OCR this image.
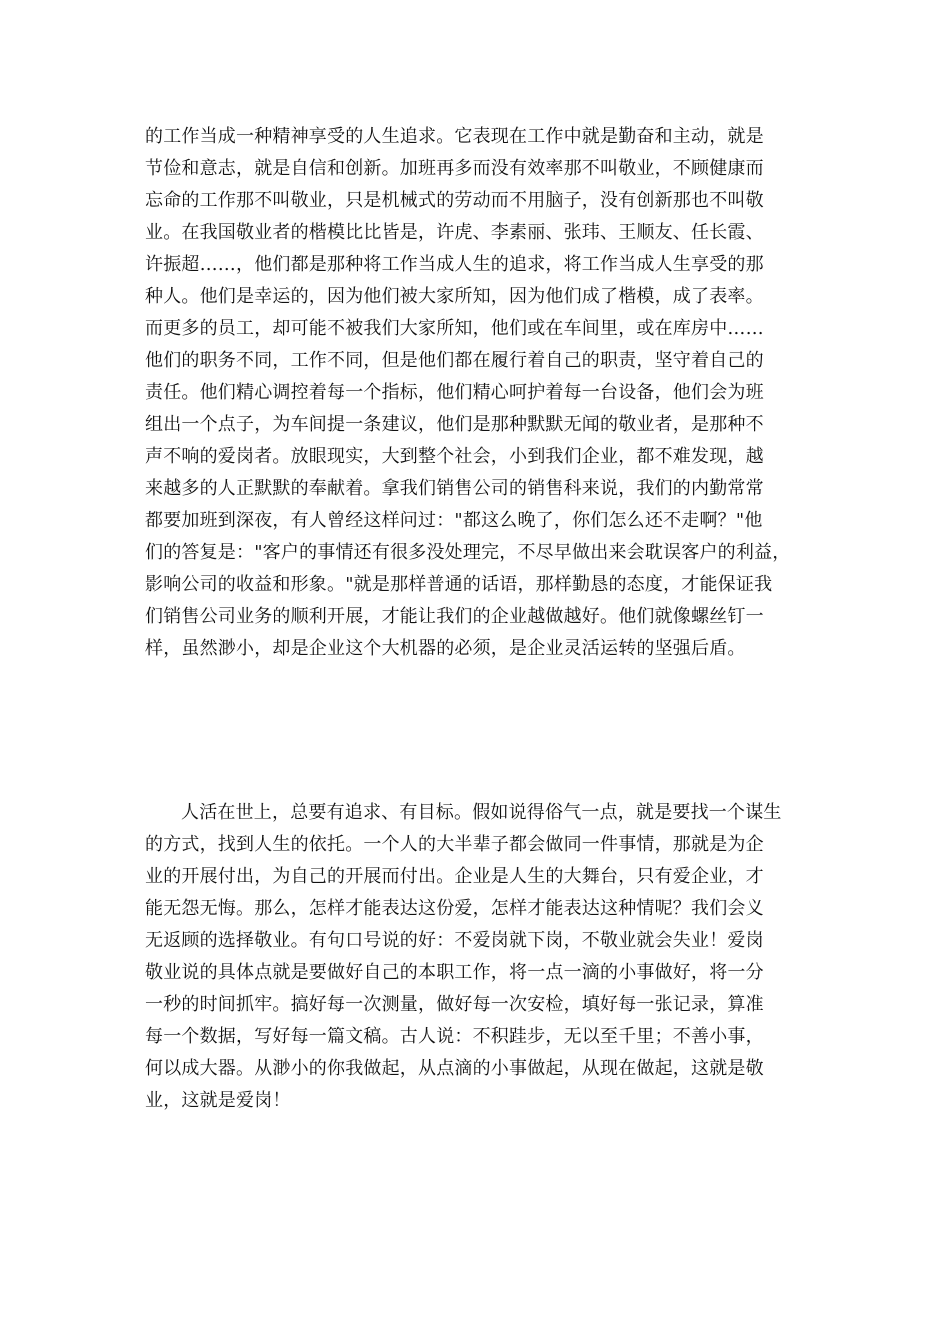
的工作当成一种精神享受的人生追求。它表现在工作中就是勤奋和主动，就是
节俭和意志，就是自信和创新。加班再多而没有效率那不叫敬业，不顾健康而
忘命的工作那不叫敬业，只是机械式的劳动而不用脑子，没有创新那也不叫敬
业。在我国敬业者的楷模比比皆是，许虎、李素丽、张玮、王顺友、任长霞、
许振超……，他们都是那种将工作当成人生的追求，将工作当成人生享受的那
种人。他们是幸运的，因为他们被大家所知，因为他们成了楷模，成了表率。
而更多的员工，却可能不被我们大家所知，他们或在车间里，或在库房中……
他们的职务不同，工作不同，但是他们都在履行着自己的职责，坚守着自己的
责任。他们精心调控着每一个指标，他们精心呵护着每一台设备，他们会为班
组出一个点子，为车间提一条建议，他们是那种默默无闻的敬业者，是那种不
声不响的爱岗者。放眼现实，大到整个社会，小到我们企业，都不难发现，越
来越多的人正默默的奉献着。拿我们销售公司的销售科来说，我们的内勤常常
都要加班到深夜，有人曾经这样问过："都这么晚了，你们怎么还不走啊？"他
们的答复是："客户的事情还有很多没处理完，不尽早做出来会耽误客户的利益，
影响公司的收益和形象。"就是那样普通的话语，那样勤恳的态度，才能保证我
们销售公司业务的顺利开展，才能让我们的企业越做越好。他们就像螺丝钉一
样，虽然渺小，却是企业这个大机器的必须，是企业灵活运转的坚强后盾。
人活在世上，总要有追求、有目标。假如说得俗气一点，就是要找一个谋生
的方式，找到人生的依托。一个人的大半辈子都会做同一件事情，那就是为企
业的开展付出，为自己的开展而付出。企业是人生的大舞台，只有爱企业，才
能无怨无悔。那么，怎样才能表达这份爱，怎样才能表达这种情呢？我们会义
无返顾的选择敬业。有句口号说的好：不爱岗就下岗，不敬业就会失业！爱岗
敬业说的具体点就是要做好自己的本职工作，将一点一滴的小事做好，将一分
一秒的时间抓牢。搞好每一次测量，做好每一次安检，填好每一张记录，算准
每一个数据，写好每一篇文稿。古人说：不积跬步，无以至千里；不善小事，
何以成大器。从渺小的你我做起，从点滴的小事做起，从现在做起，这就是敬
业，这就是爱岗！
